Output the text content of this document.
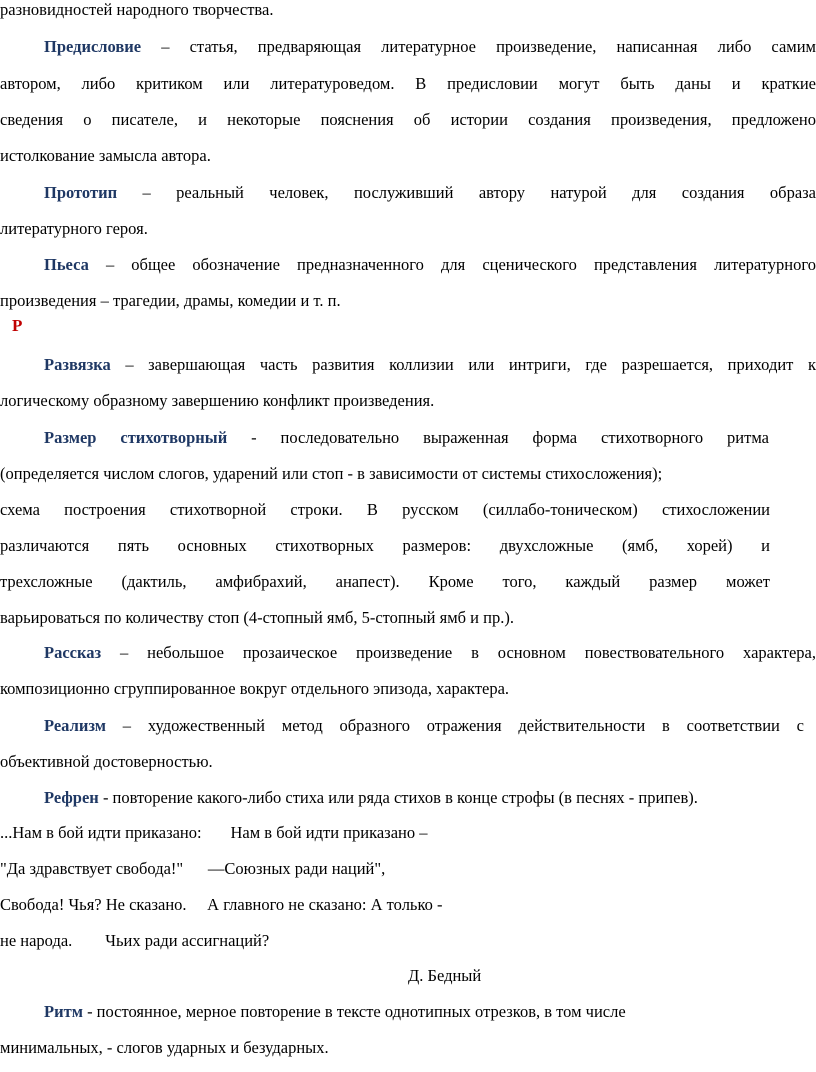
разновидностей народного творчества.
Предисловие – статья, предваряющая литературное произведение, написанная либо самим
автором, либо критиком или литературоведом. В предисловии могут быть даны и краткие
сведения о писателе, и некоторые пояснения об истории создания произведения, предложено
истолкование замысла автора.
Прототип – реальный человек, послуживший автору натурой для создания образа
литературного героя.
Пьеса – общее обозначение предназначенного для сценического представления литературного
произведения – трагедии, драмы, комедии и т. п.
Р
Развязка – завершающая часть развития коллизии или интриги, где разрешается, приходит к
логическому образному завершению конфликт произведения.
Размер стихотворный - последовательно выраженная форма стихотворного ритма
(определяется числом слогов, ударений или стоп - в зависимости от системы стихосложения);
схема построения стихотворной строки. В русском (силлабо-тоническом) стихосложении
различаются пять основных стихотворных размеров: двухсложные (ямб, хорей) и
трехсложные (дактиль, амфибрахий, анапест). Кроме того, каждый размер может
варьироваться по количеству стоп (4-стопный ямб, 5-стопный ямб и пр.).
Рассказ – небольшое прозаическое произведение в основном повествовательного характера,
композиционно сгруппированное вокруг отдельного эпизода, характера.
Реализм – художественный метод образного отражения действительности в соответствии с
объективной достоверностью.
Рефрен - повторение какого-либо стиха или ряда стихов в конце строфы (в песнях - припев).
...Нам в бой идти приказано:       Нам в бой идти приказано –
"Да здравствует свобода!"      —Союзных ради наций",
Свобода! Чья? Не сказано.     А главного не сказано: А только -
не народа.        Чьих ради ассигнаций?
Д. Бедный
Ритм - постоянное, мерное повторение в тексте однотипных отрезков, в том числе
минимальных, - слогов ударных и безударных.
